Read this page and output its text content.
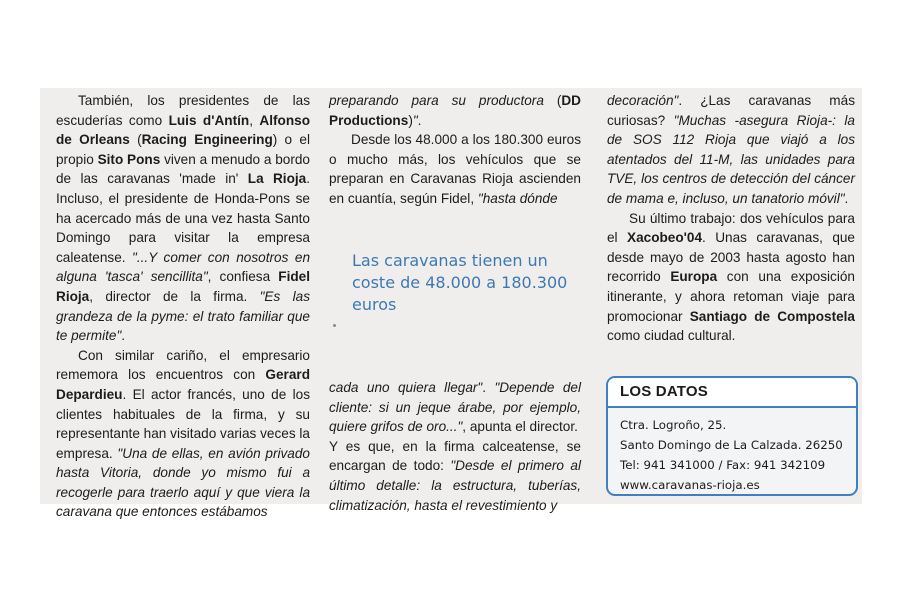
También, los presidentes de las escuderías como Luis d'Antín, Alfonso de Orleans (Racing Engineering) o el propio Sito Pons viven a menudo a bordo de las caravanas 'made in' La Rioja. Incluso, el presidente de Honda-Pons se ha acercado más de una vez hasta Santo Domingo para visitar la empresa caleatense. "...Y comer con nosotros en alguna 'tasca' sencillita", confiesa Fidel Rioja, director de la firma. "Es las grandeza de la pyme: el trato familiar que te permite".

Con similar cariño, el empresario rememora los encuentros con Gerard Depardieu. El actor francés, uno de los clientes habituales de la firma, y su representante han visitado varias veces la empresa. "Una de ellas, en avión privado hasta Vitoria, donde yo mismo fui a recogerle para traerlo aquí y que viera la caravana que entonces estábamos

preparando para su productora (DD Productions)".

Desde los 48.000 a los 180.300 euros o mucho más, los vehículos que se preparan en Caravanas Rioja ascienden en cuantía, según Fidel, "hasta dónde

Las caravanas tienen un coste de 48.000 a 180.300 euros

cada uno quiera llegar". "Depende del cliente: si un jeque árabe, por ejemplo, quiere grifos de oro...", apunta el director.

Y es que, en la firma calceatense, se encargan de todo: "Desde el primero al último detalle: la estructura, tuberías, climatización, hasta el revestimiento y

decoración". ¿Las caravanas más curiosas? "Muchas -asegura Rioja-: la de SOS 112 Rioja que viajó a los atentados del 11-M, las unidades para TVE, los centros de detección del cáncer de mama e, incluso, un tanatorio móvil".

Su último trabajo: dos vehículos para el Xacobeo'04. Unas caravanas, que desde mayo de 2003 hasta agosto han recorrido Europa con una exposición itinerante, y ahora retoman viaje para promocionar Santiago de Compostela como ciudad cultural.

LOS DATOS
Ctra. Logroño, 25.
Santo Domingo de La Calzada. 26250
Tel: 941 341000 / Fax: 941 342109
www.caravanas-rioja.es
